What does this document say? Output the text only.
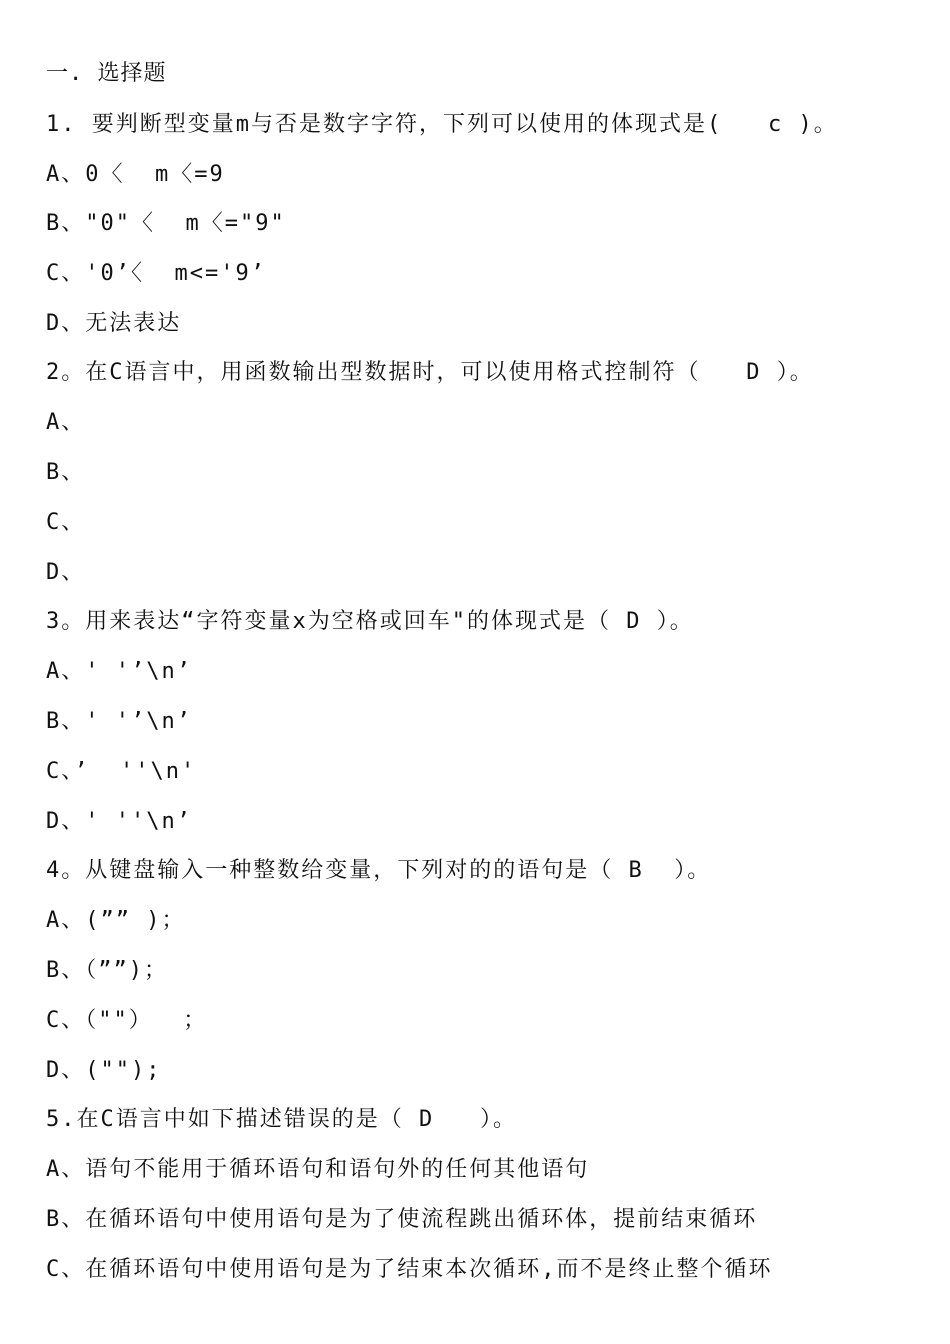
一. 选择题
1. 要判断型变量m与否是数字字符，下列可以使用的体现式是(   c )。
A、0〈  m〈=9
B、"0"〈  m〈="9"
C、'0’〈  m<='9’
D、无法表达
2。在C语言中，用函数输出型数据时，可以使用格式控制符（   D ）。
A、
B、
C、
D、
3。用来表达“字符变量x为空格或回车"的体现式是（ D ）。
A、' '’\n’
B、' '’\n’
C、’  ''\n'
D、' ''\n’
4。从键盘输入一种整数给变量，下列对的的语句是（ B  ）。
A、(”” )；
B、（””)；
C、（""）  ；
D、("");
5.在C语言中如下描述错误的是（ D   ）。
A、语句不能用于循环语句和语句外的任何其他语句
B、在循环语句中使用语句是为了使流程跳出循环体，提前结束循环
C、在循环语句中使用语句是为了结束本次循环,而不是终止整个循环
